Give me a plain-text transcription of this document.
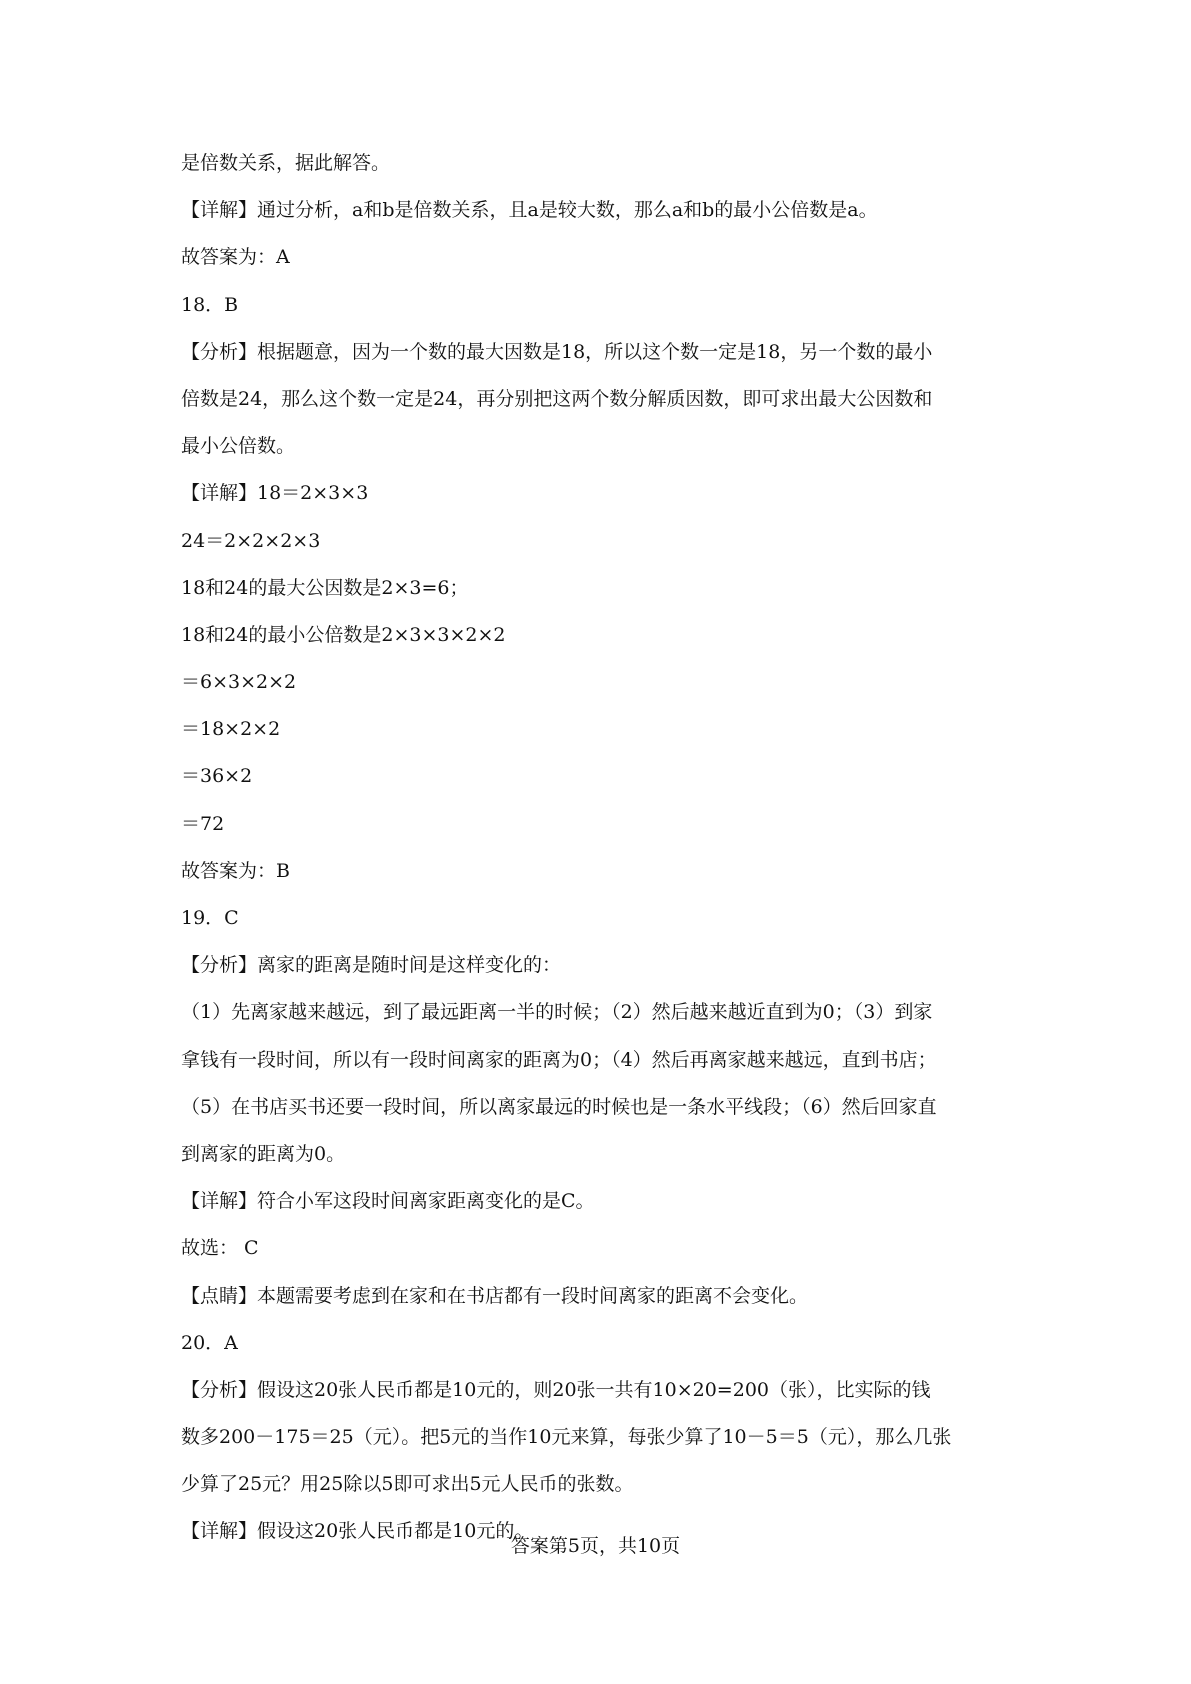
是倍数关系，据此解答。
【详解】通过分析，a和b是倍数关系，且a是较大数，那么a和b的最小公倍数是a。
故答案为：A
18．B
【分析】根据题意，因为一个数的最大因数是18，所以这个数一定是18，另一个数的最小
倍数是24，那么这个数一定是24，再分别把这两个数分解质因数，即可求出最大公因数和
最小公倍数。
【详解】18＝2×3×3
24＝2×2×2×3
18和24的最大公因数是2×3=6；
18和24的最小公倍数是2×3×3×2×2
＝6×3×2×2
＝18×2×2
＝36×2
＝72
故答案为：B
19．C
【分析】离家的距离是随时间是这样变化的：
（1）先离家越来越远，到了最远距离一半的时候；（2）然后越来越近直到为0；（3）到家
拿钱有一段时间，所以有一段时间离家的距离为0；（4）然后再离家越来越远，直到书店；
（5）在书店买书还要一段时间，所以离家最远的时候也是一条水平线段；（6）然后回家直
到离家的距离为0。
【详解】符合小军这段时间离家距离变化的是C。
故选： C
【点睛】本题需要考虑到在家和在书店都有一段时间离家的距离不会变化。
20．A
【分析】假设这20张人民币都是10元的，则20张一共有10×20=200（张），比实际的钱
数多200－175＝25（元）。把5元的当作10元来算，每张少算了10－5＝5（元），那么几张
少算了25元？用25除以5即可求出5元人民币的张数。
【详解】假设这20张人民币都是10元的。
答案第5页，共10页
